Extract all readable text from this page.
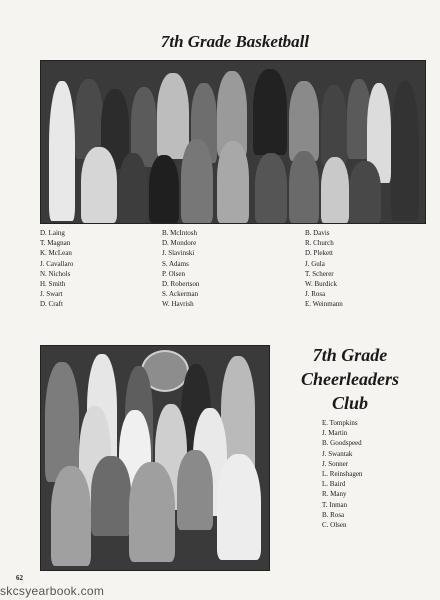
7th Grade Basketball
D. Laing
T. Magnan
K. McLean
J. Cavallaro
N. Nichols
H. Smith
J. Swart
D. Craft
B. McIntosh
D. Mondore
J. Slavinski
S. Adams
P. Olsen
D. Robertson
S. Ackerman
W. Havrish
B. Davis
R. Church
D. Plekett
J. Gula
T. Scherer
W. Burdick
J. Rosa
E. Weinmann
7th Grade
Cheerleaders
Club
E. Tompkins
J. Martin
B. Goodspeed
J. Swantak
J. Sonner
L. Reinshagen
L. Baird
R. Many
T. Inman
B. Rosa
C. Olsen
62
skcsyearbook.com
